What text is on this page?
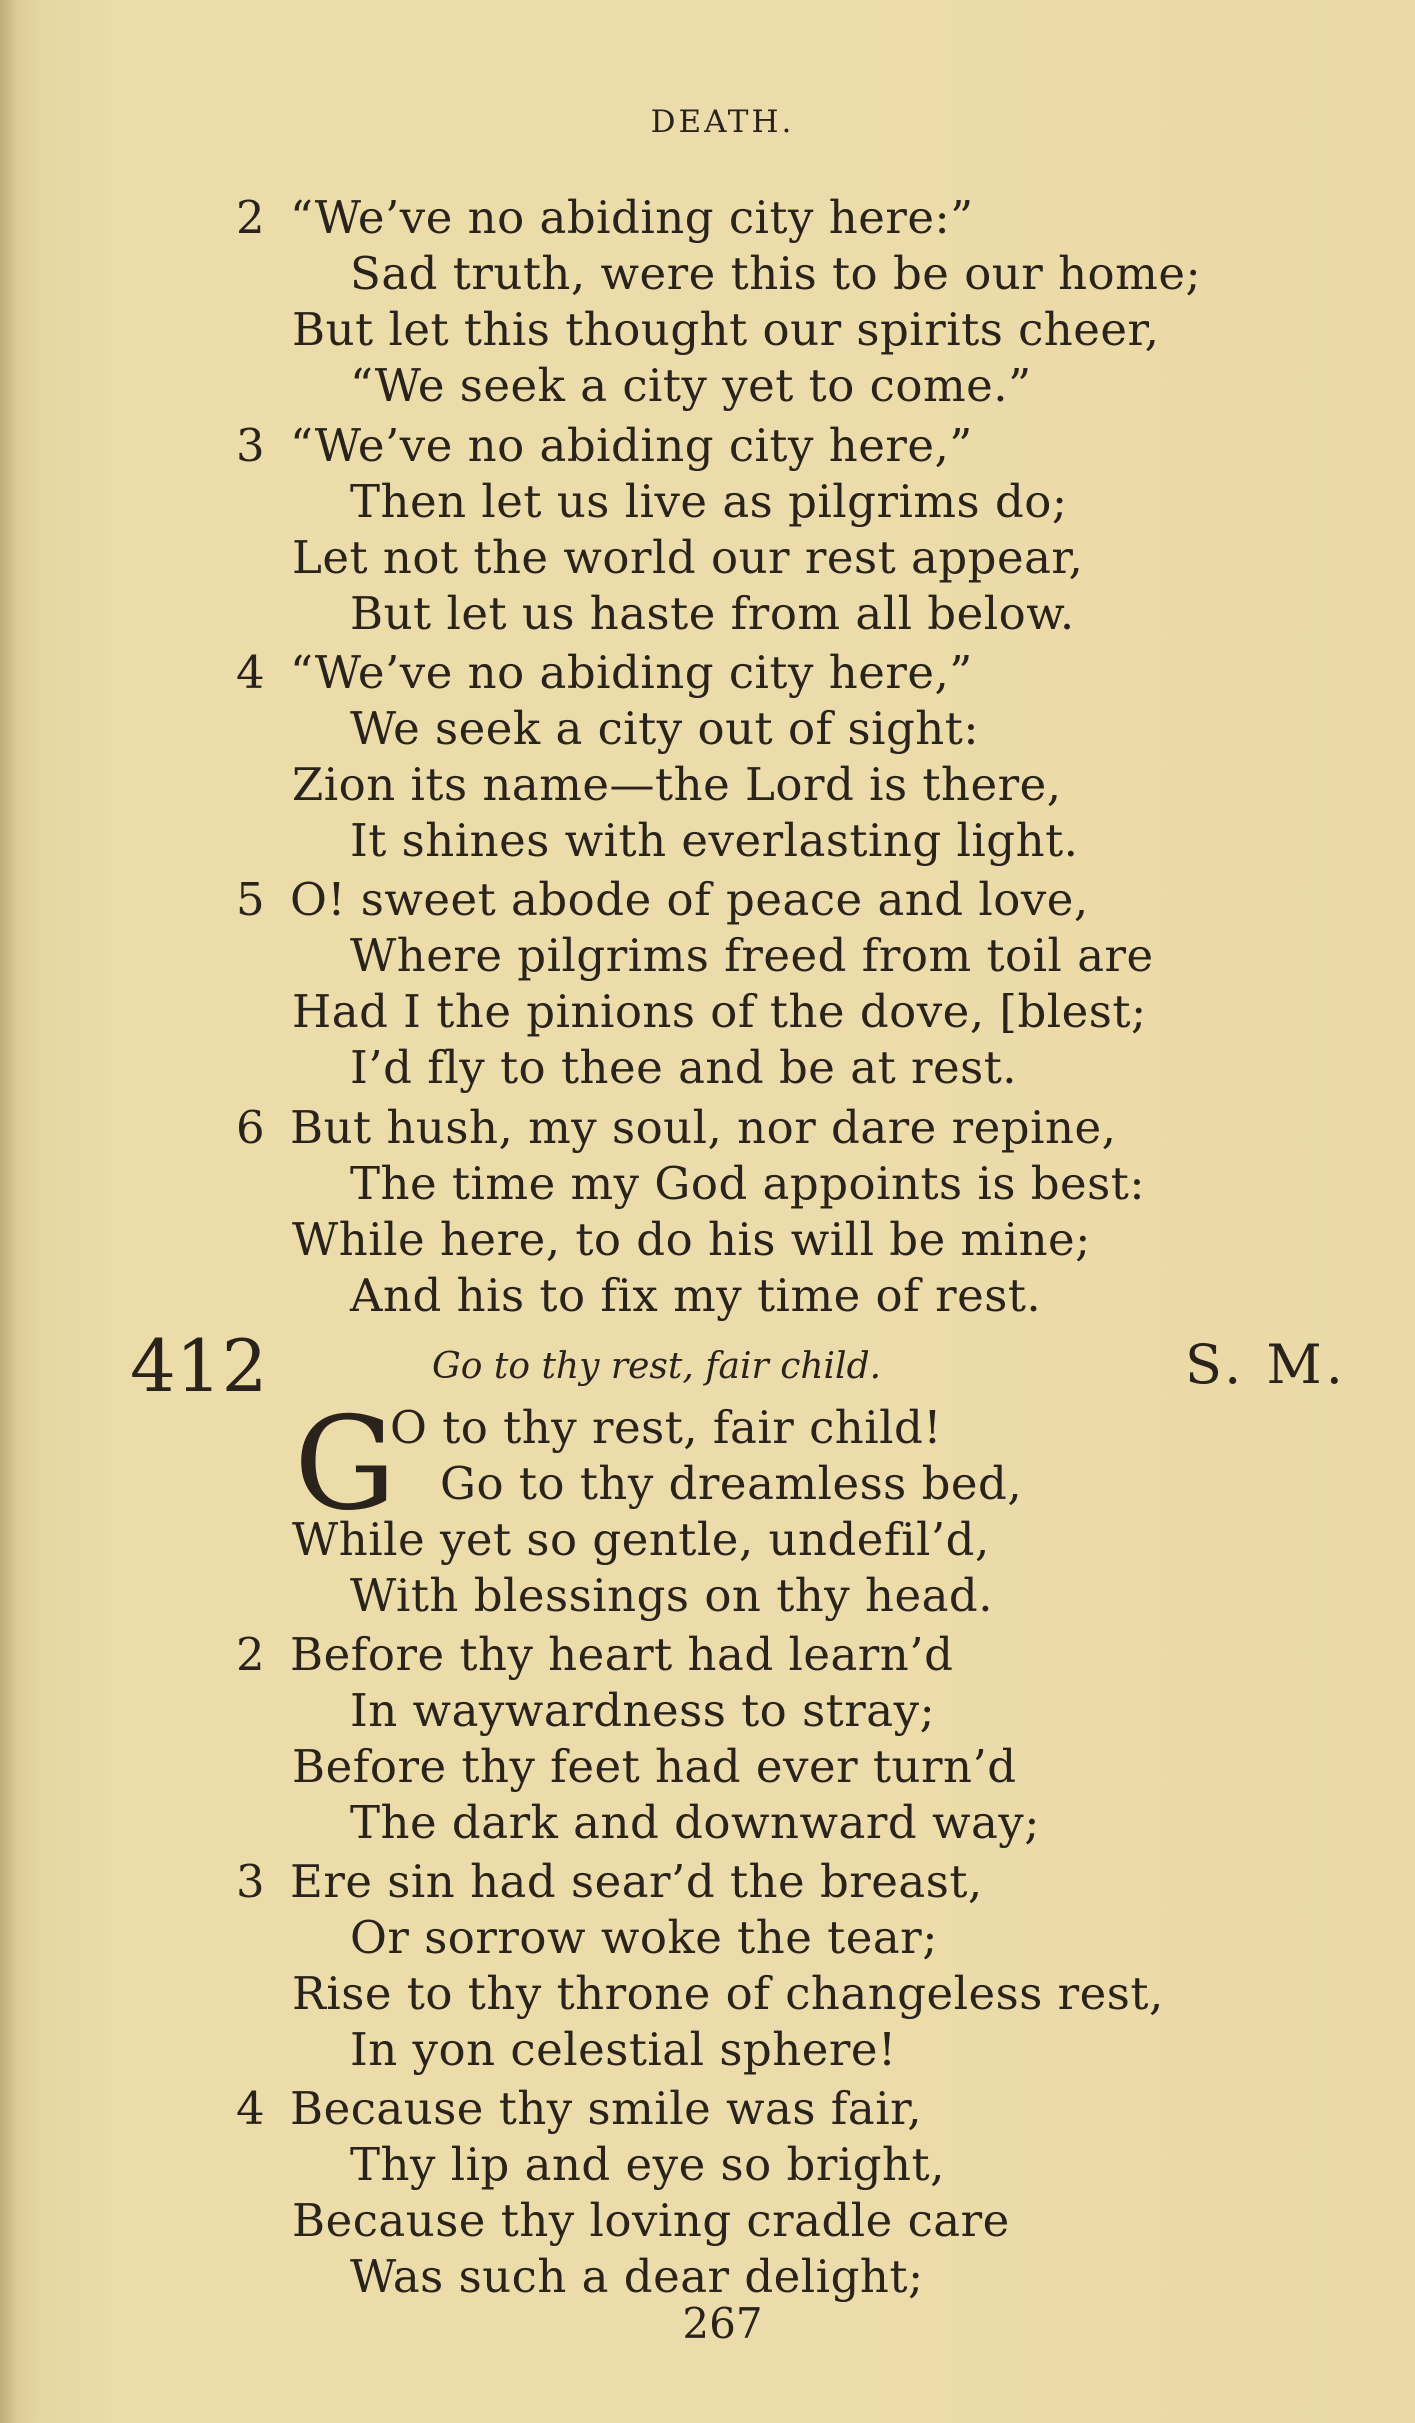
DEATH.
2 “We’ve no abiding city here:”
Sad truth, were this to be our home;
But let this thought our spirits cheer,
“We seek a city yet to come.”
3 “We’ve no abiding city here,”
Then let us live as pilgrims do;
Let not the world our rest appear,
But let us haste from all below.
4 “We’ve no abiding city here,”
We seek a city out of sight:
Zion its name—the Lord is there,
It shines with everlasting light.
5 O! sweet abode of peace and love,
Where pilgrims freed from toil are
Had I the pinions of the dove, [blest;
I’d fly to thee and be at rest.
6 But hush, my soul, nor dare repine,
The time my God appoints is best:
While here, to do his will be mine;
And his to fix my time of rest.
412	Go to thy rest, fair child.	S. M.
G
O to thy rest, fair child!
Go to thy dreamless bed,
While yet so gentle, undefil’d,
With blessings on thy head.
2 Before thy heart had learn’d
In waywardness to stray;
Before thy feet had ever turn’d
The dark and downward way;
3 Ere sin had sear’d the breast,
Or sorrow woke the tear;
Rise to thy throne of changeless rest,
In yon celestial sphere!
4 Because thy smile was fair,
Thy lip and eye so bright,
Because thy loving cradle care
Was such a dear delight;
267
